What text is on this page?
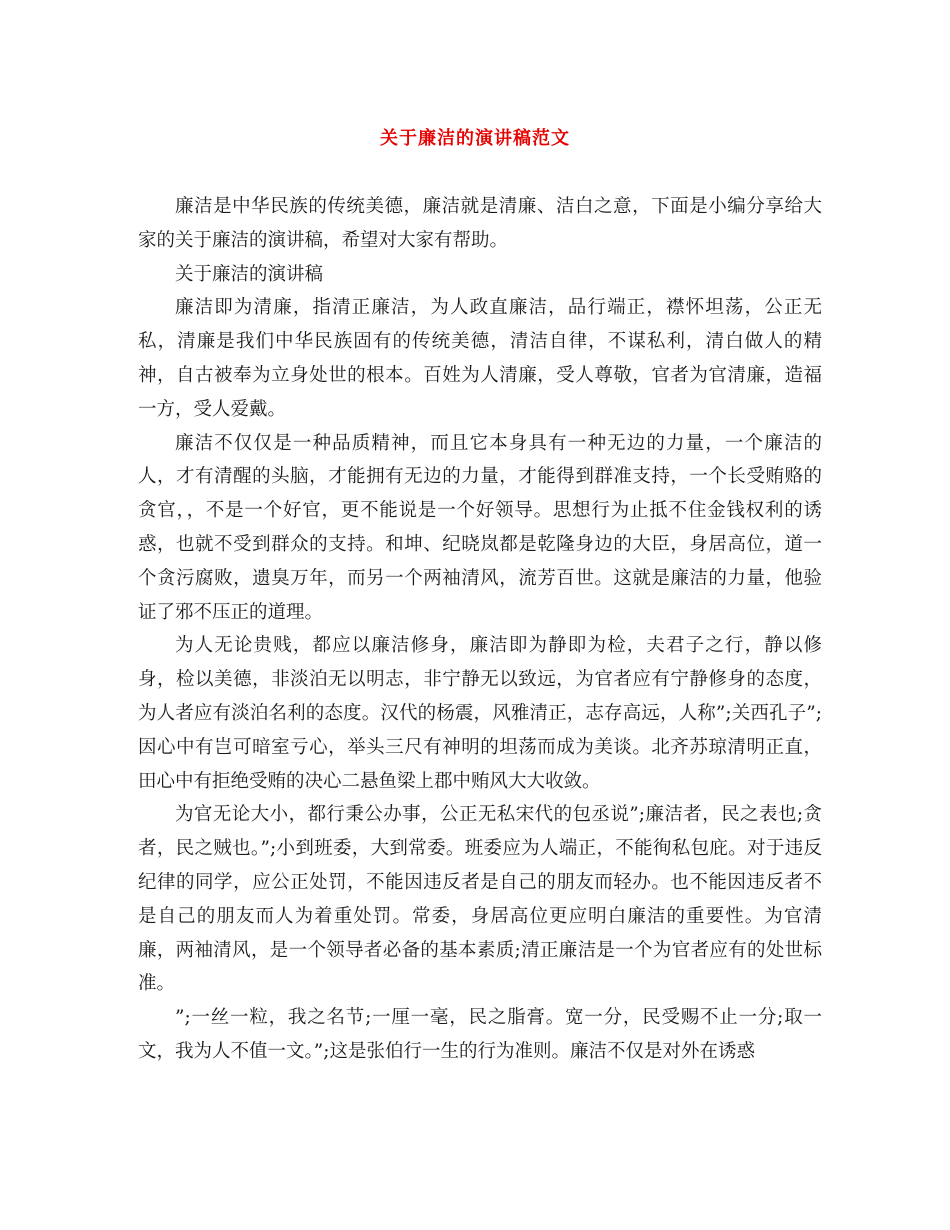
关于廉洁的演讲稿范文

廉洁是中华民族的传统美德，廉洁就是清廉、洁白之意，下面是小编分享给大家的关于廉洁的演讲稿，希望对大家有帮助。

关于廉洁的演讲稿

廉洁即为清廉，指清正廉洁，为人政直廉洁，品行端正，襟怀坦荡，公正无私，清廉是我们中华民族固有的传统美德，清洁自律，不谋私利，清白做人的精神，自古被奉为立身处世的根本。百姓为人清廉，受人尊敬，官者为官清廉，造福一方，受人爱戴。

廉洁不仅仅是一种品质精神，而且它本身具有一种无边的力量，一个廉洁的人，才有清醒的头脑，才能拥有无边的力量，才能得到群准支持，一个长受贿赂的贪官，，不是一个好官，更不能说是一个好领导。思想行为止抵不住金钱权利的诱惑，也就不受到群众的支持。和坤、纪晓岚都是乾隆身边的大臣，身居高位，道一个贪污腐败，遗臭万年，而另一个两袖清风，流芳百世。这就是廉洁的力量，他验证了邪不压正的道理。

为人无论贵贱，都应以廉洁修身，廉洁即为静即为检，夫君子之行，静以修身，检以美德，非淡泊无以明志，非宁静无以致远，为官者应有宁静修身的态度，为人者应有淡泊名利的态度。汉代的杨震，风雅清正，志存高远，人称”;关西孔子”;因心中有岂可暗室亏心，举头三尺有神明的坦荡而成为美谈。北齐苏琼清明正直，田心中有拒绝受贿的决心二悬鱼梁上郡中贿风大大收敛。

为官无论大小，都行秉公办事，公正无私宋代的包丞说”;廉洁者，民之表也;贪者，民之贼也。”;小到班委，大到常委。班委应为人端正，不能徇私包庇。对于违反纪律的同学，应公正处罚，不能因违反者是自己的朋友而轻办。也不能因违反者不是自己的朋友而人为着重处罚。常委，身居高位更应明白廉洁的重要性。为官清廉，两袖清风，是一个领导者必备的基本素质;清正廉洁是一个为官者应有的处世标准。

”;一丝一粒，我之名节;一厘一毫，民之脂膏。宽一分，民受赐不止一分;取一文，我为人不值一文。”;这是张伯行一生的行为准则。廉洁不仅是对外在诱惑
